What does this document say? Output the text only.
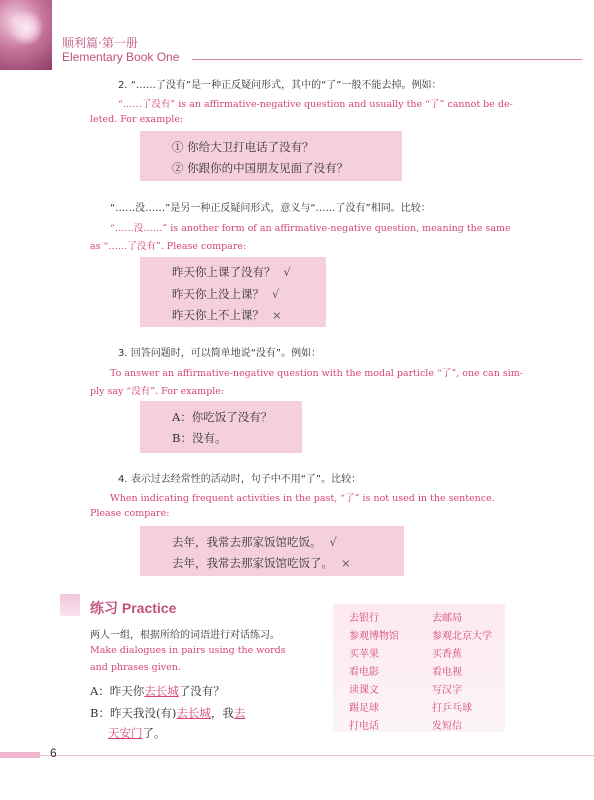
顺利篇·第一册
Elementary Book One
2. “……了没有”是一种正反疑问形式，其中的“了”一般不能去掉。例如：
“……了没有” is an affirmative-negative question and usually the “了” cannot be de-
leted. For example:
① 你给大卫打电话了没有？
② 你跟你的中国朋友见面了没有？
“……没……”是另一种正反疑问形式，意义与“……了没有”相同。比较：
“……没……” is another form of an affirmative-negative question, meaning the same
as “……了没有”. Please compare:
昨天你上课了没有？ √
昨天你上没上课？ √
昨天你上不上课？ ×
3. 回答问题时，可以简单地说“没有”。例如：
To answer an affirmative-negative question with the modal particle “了”, one can sim-
ply say “没有”. For example:
A：你吃饭了没有？
B：没有。
4. 表示过去经常性的活动时，句子中不用“了”。比较：
When indicating frequent activities in the past, “了” is not used in the sentence.
Please compare:
去年，我常去那家饭馆吃饭。 √
去年，我常去那家饭馆吃饭了。 ×
练习 Practice
两人一组，根据所给的词语进行对话练习。
Make dialogues in pairs using the words and phrases given.
A：昨天你去长城了没有？
B：昨天我没(有)去长城，我去
天安门了。
去银行
参观博物馆
买苹果
看电影
读课文
踢足球
打电话
去邮局
参观北京大学
买香蕉
看电视
写汉字
打乒乓球
发短信
6
